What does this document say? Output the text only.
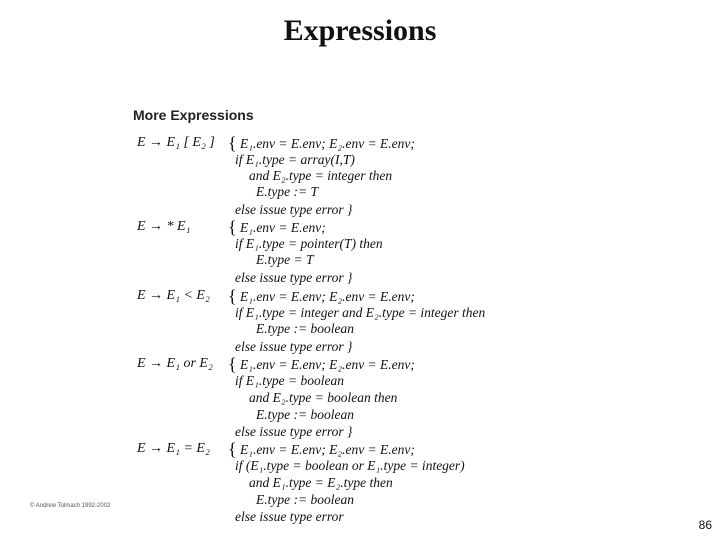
Expressions
More Expressions
E → E₁ [ E₂ ] { E₁.env = E.env; E₂.env = E.env;
if E₁.type = array(I,T)
and E₂.type = integer then
E.type := T
else issue type error }
E → * E₁ { E₁.env = E.env;
if E₁.type = pointer(T) then
E.type = T
else issue type error }
E → E₁ < E₂ { E₁.env = E.env; E₂.env = E.env;
if E₁.type = integer and E₂.type = integer then
E.type := boolean
else issue type error }
E → E₁ or E₂ { E₁.env = E.env; E₂.env = E.env;
if E₁.type = boolean
and E₂.type = boolean then
E.type := boolean
else issue type error }
E → E₁ = E₂ { E₁.env = E.env; E₂.env = E.env;
if (E₁.type = boolean or E₁.type = integer)
and E₁.type = E₂.type then
E.type := boolean
else issue type error
© Andrew Tolmach 1992-2002
86
